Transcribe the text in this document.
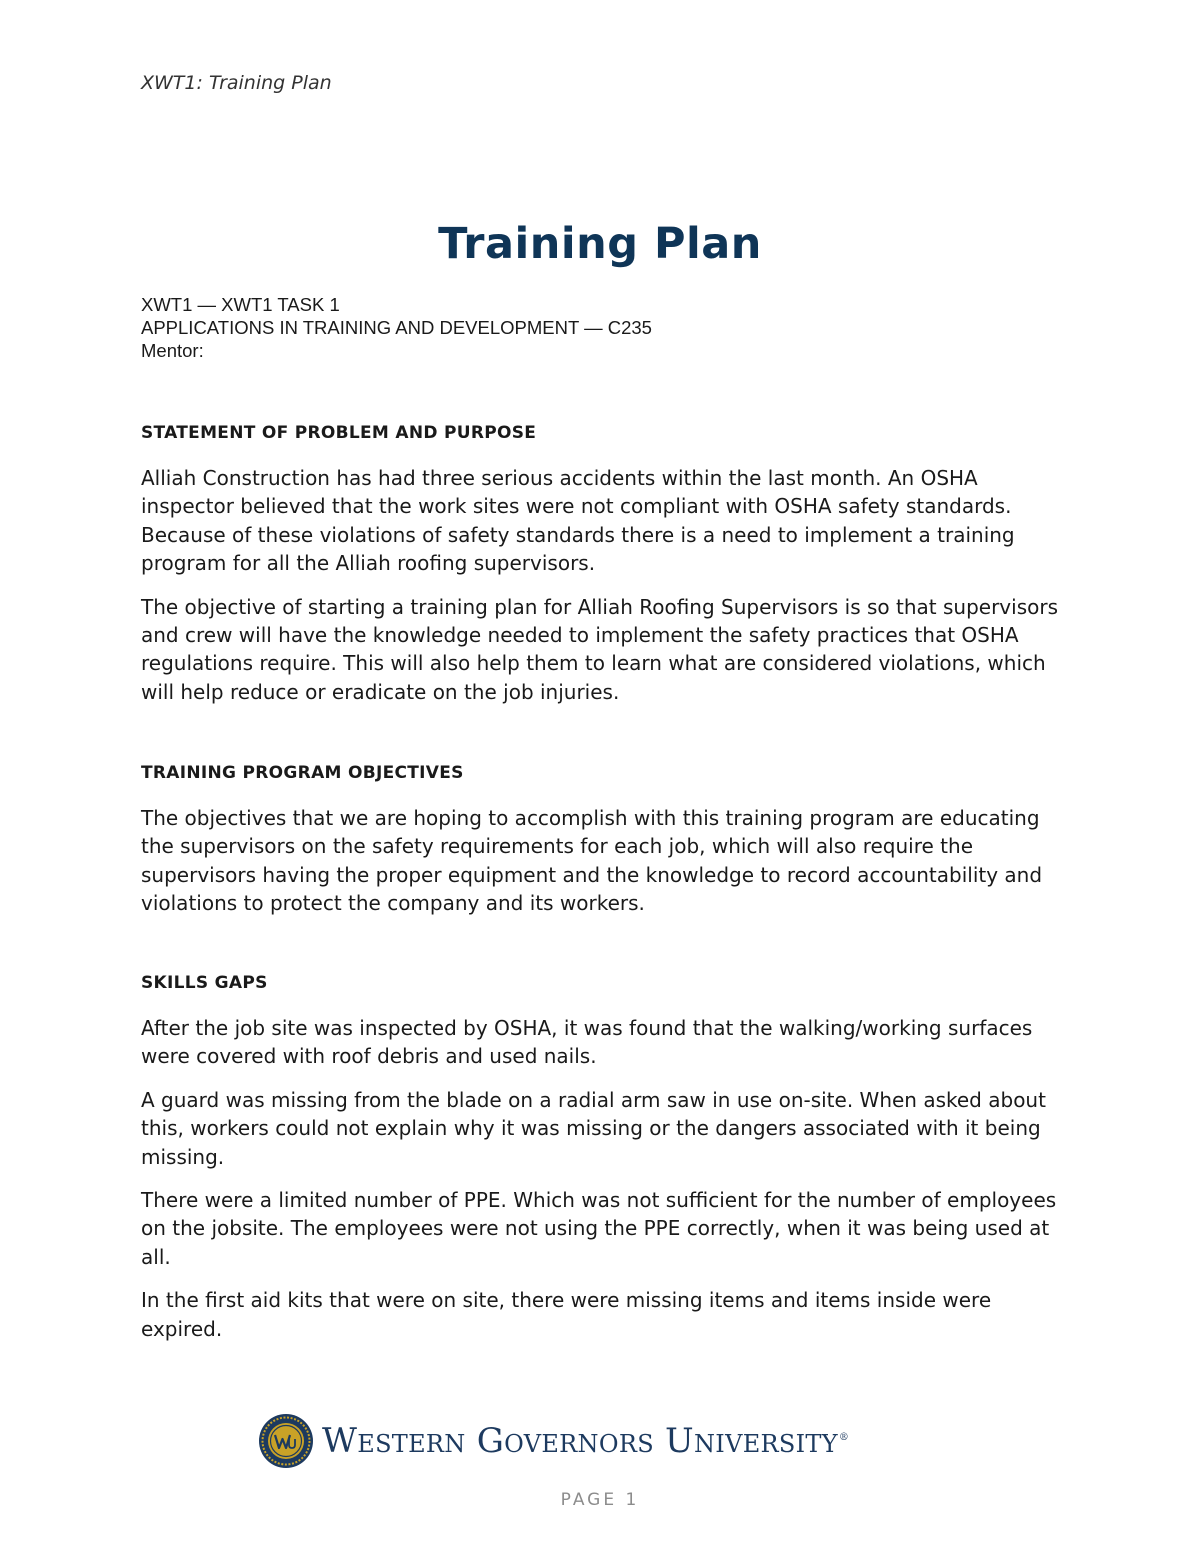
XWT1: Training Plan
Training Plan
XWT1 — XWT1 TASK 1
APPLICATIONS IN TRAINING AND DEVELOPMENT — C235
Mentor:
STATEMENT OF PROBLEM AND PURPOSE

Alliah Construction has had three serious accidents within the last month. An OSHA inspector believed that the work sites were not compliant with OSHA safety standards. Because of these violations of safety standards there is a need to implement a training program for all the Alliah roofing supervisors.

The objective of starting a training plan for Alliah Roofing Supervisors is so that supervisors and crew will have the knowledge needed to implement the safety practices that OSHA regulations require. This will also help them to learn what are considered violations, which will help reduce or eradicate on the job injuries.

TRAINING PROGRAM OBJECTIVES

The objectives that we are hoping to accomplish with this training program are educating the supervisors on the safety requirements for each job, which will also require the supervisors having the proper equipment and the knowledge to record accountability and violations to protect the company and its workers.

SKILLS GAPS

After the job site was inspected by OSHA, it was found that the walking/working surfaces were covered with roof debris and used nails.

A guard was missing from the blade on a radial arm saw in use on-site. When asked about this, workers could not explain why it was missing or the dangers associated with it being missing.

There were a limited number of PPE. Which was not sufficient for the number of employees on the jobsite. The employees were not using the PPE correctly, when it was being used at all.

In the first aid kits that were on site, there were missing items and items inside were expired.

Western Governors University®
PAGE 1
